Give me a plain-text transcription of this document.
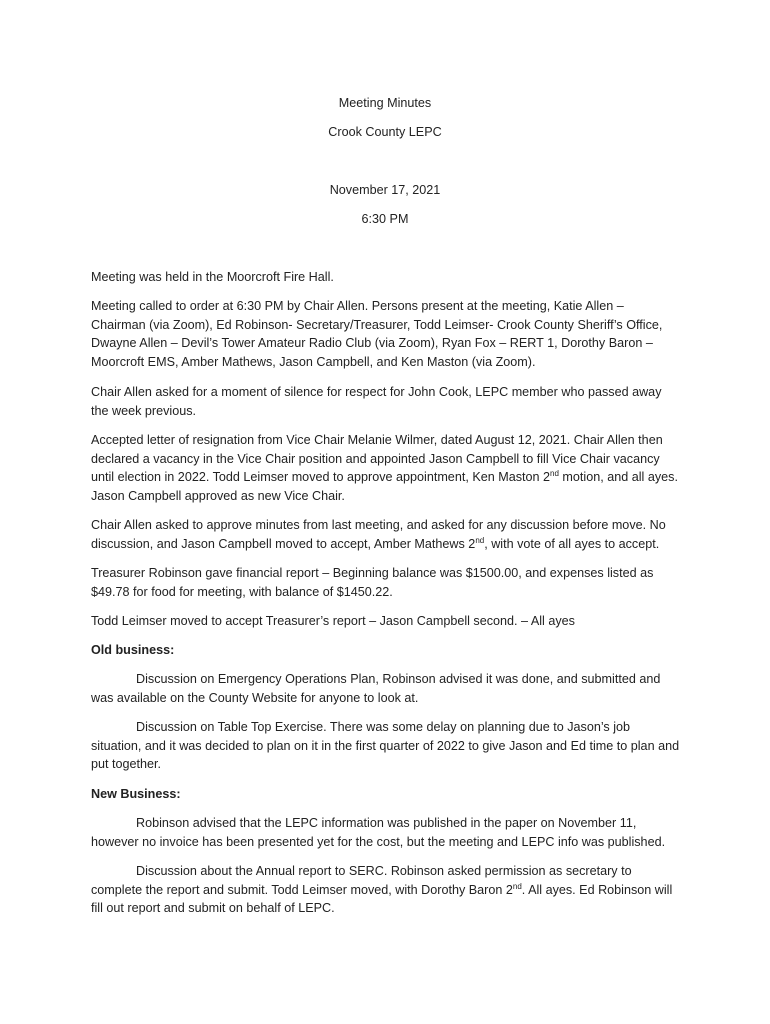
Meeting Minutes
Crook County LEPC
November 17, 2021
6:30 PM

Meeting was held in the Moorcroft Fire Hall.

Meeting called to order at 6:30 PM by Chair Allen. Persons present at the meeting, Katie Allen – Chairman (via Zoom), Ed Robinson- Secretary/Treasurer, Todd Leimser- Crook County Sheriff’s Office, Dwayne Allen – Devil’s Tower Amateur Radio Club (via Zoom), Ryan Fox – RERT 1, Dorothy Baron – Moorcroft EMS, Amber Mathews, Jason Campbell, and Ken Maston (via Zoom).

Chair Allen asked for a moment of silence for respect for John Cook, LEPC member who passed away the week previous.

Accepted letter of resignation from Vice Chair Melanie Wilmer, dated August 12, 2021. Chair Allen then declared a vacancy in the Vice Chair position and appointed Jason Campbell to fill Vice Chair vacancy until election in 2022. Todd Leimser moved to approve appointment, Ken Maston 2nd motion, and all ayes. Jason Campbell approved as new Vice Chair.

Chair Allen asked to approve minutes from last meeting, and asked for any discussion before move. No discussion, and Jason Campbell moved to accept, Amber Mathews 2nd, with vote of all ayes to accept.

Treasurer Robinson gave financial report – Beginning balance was $1500.00, and expenses listed as $49.78 for food for meeting, with balance of $1450.22.

Todd Leimser moved to accept Treasurer’s report – Jason Campbell second. – All ayes

Old business:

Discussion on Emergency Operations Plan, Robinson advised it was done, and submitted and was available on the County Website for anyone to look at.

Discussion on Table Top Exercise. There was some delay on planning due to Jason’s job situation, and it was decided to plan on it in the first quarter of 2022 to give Jason and Ed time to plan and put together.

New Business:

Robinson advised that the LEPC information was published in the paper on November 11, however no invoice has been presented yet for the cost, but the meeting and LEPC info was published.

Discussion about the Annual report to SERC. Robinson asked permission as secretary to complete the report and submit. Todd Leimser moved, with Dorothy Baron 2nd. All ayes. Ed Robinson will fill out report and submit on behalf of LEPC.
